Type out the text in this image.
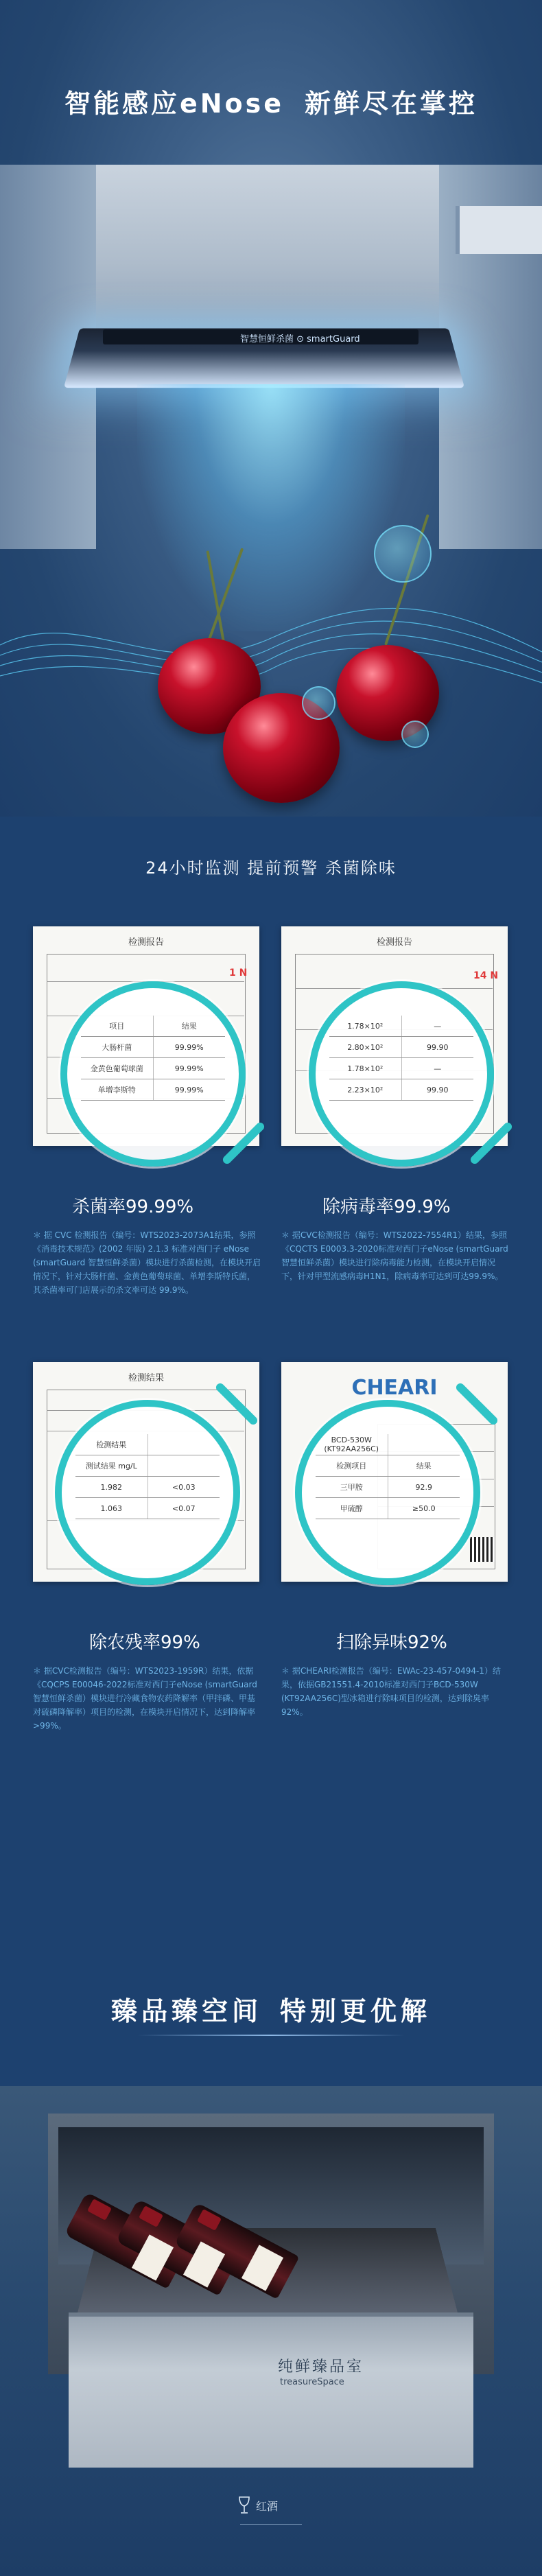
智能感应eNose 新鲜尽在掌控
智慧恒鲜杀菌 ⊙ smartGuard
24小时监测 提前预警 杀菌除味
检测报告
1 N
项目	结果
大肠杆菌	99.99%
金黄色葡萄球菌	99.99%
单增李斯特	99.99%
检测报告
14 N
1.78×10²	—
2.80×10²	99.90
1.78×10²	—
2.23×10²	99.90
杀菌率99.99%	除病毒率99.9%
＊ 据 CVC 检测报告（编号：WTS2023-2073A1结果，参照《消毒技术规范》(2002 年版) 2.1.3 标准对西门子 eNose (smartGuard 智慧恒鲜杀菌）模块进行杀菌检测，在模块开启情况下，针对大肠杆菌、金黄色葡萄球菌、单增李斯特氏菌，其杀菌率可门店展示的杀文率可达 99.9%。
＊ 据CVC检测报告（编号：WTS2022-7554R1）结果，参照《CQCTS E0003.3-2020标准对西门子eNose (smartGuard 智慧恒鲜杀菌）模块进行除病毒能力检测，在模块开启情况下，针对甲型流感病毒H1N1，除病毒率可达到可达99.9%。
检测结果
检测结果
测试结果 mg/L
1.982	<0.03
1.063	<0.07
CHEARI
BCD-530W (KT92AA256C)
检测项目	结果
三甲胺	92.9
甲硫醇	≥50.0
除农残率99%	扫除异味92%
＊ 据CVC检测报告（编号：WTS2023-1959R）结果，依据《CQCPS E00046-2022标准对西门子eNose (smartGuard 智慧恒鲜杀菌）模块进行冷藏食物农药降解率（甲拌磷、甲基对硫磷降解率）项目的检测，在模块开启情况下，达到降解率>99%。
＊ 据CHEARI检测报告（编号：EWAc-23-457-0494-1）结果，依据GB21551.4-2010标准对西门子BCD-530W (KT92AA256C)型冰箱进行除味项目的检测，达到除臭率92%。
臻品臻空间 特别更优解
纯鲜臻品室
treasureSpace
红酒
